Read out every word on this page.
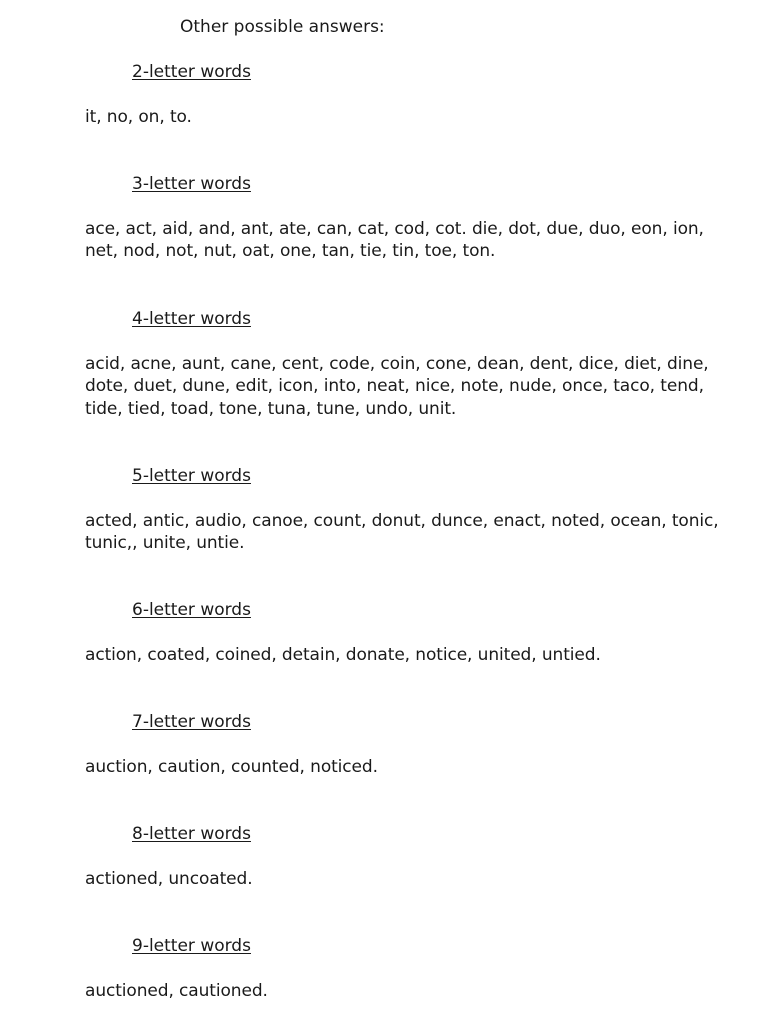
Other possible answers:
2-letter words
it, no, on, to.
3-letter words
ace, act, aid, and, ant, ate, can, cat, cod, cot. die, dot, due, duo, eon, ion, net, nod, not, nut, oat, one, tan, tie, tin, toe, ton.
4-letter words
acid, acne, aunt, cane, cent, code, coin, cone, dean, dent, dice, diet, dine, dote, duet, dune, edit, icon, into, neat, nice, note, nude, once, taco, tend, tide, tied, toad, tone, tuna, tune, undo, unit.
5-letter words
acted, antic, audio, canoe, count, donut, dunce, enact, noted, ocean, tonic, tunic,, unite, untie.
6-letter words
action, coated, coined, detain, donate, notice, united, untied.
7-letter words
auction, caution, counted, noticed.
8-letter words
actioned, uncoated.
9-letter words
auctioned, cautioned.
